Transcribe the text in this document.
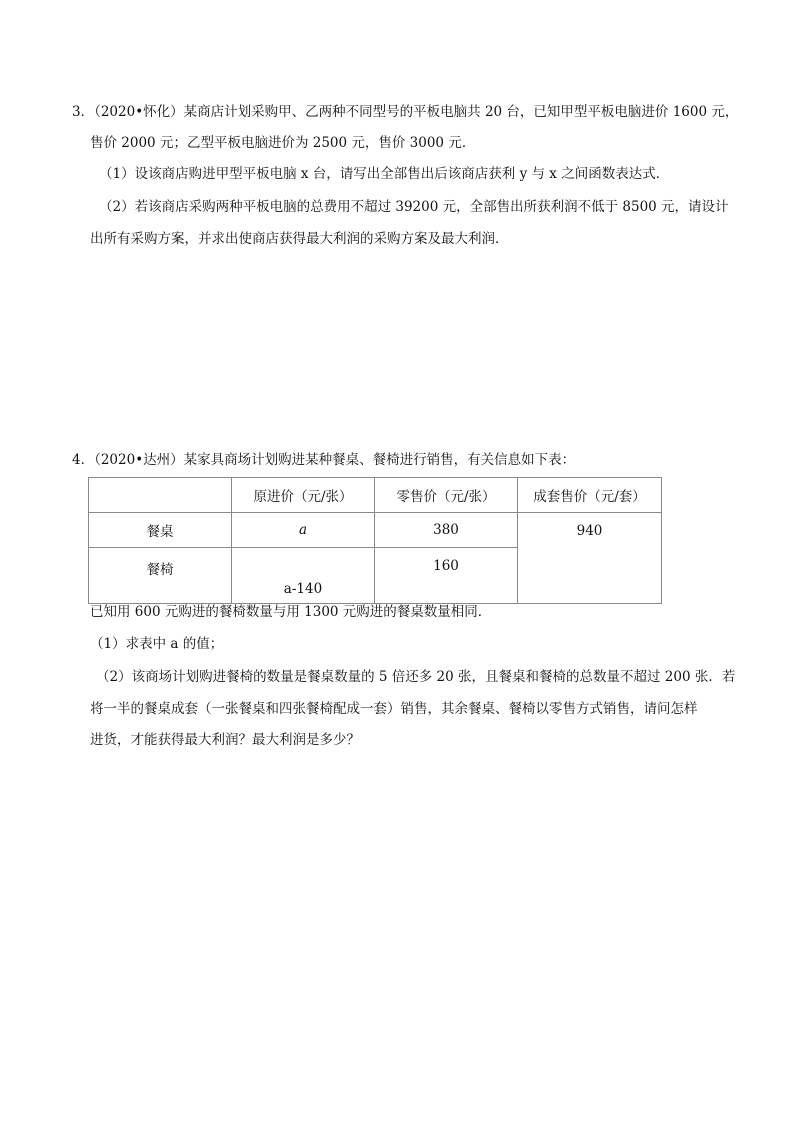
3．（2020•怀化）某商店计划采购甲、乙两种不同型号的平板电脑共 20 台，已知甲型平板电脑进价 1600 元，
售价 2000 元；乙型平板电脑进价为 2500 元，售价 3000 元．
（1）设该商店购进甲型平板电脑 x 台，请写出全部售出后该商店获利 y 与 x 之间函数表达式．
（2）若该商店采购两种平板电脑的总费用不超过 39200 元，全部售出所获利润不低于 8500 元，请设计
出所有采购方案，并求出使商店获得最大利润的采购方案及最大利润．
4．（2020•达州）某家具商场计划购进某种餐桌、餐椅进行销售，有关信息如下表：
	原进价（元/张）	零售价（元/张）	成套售价（元/套）
餐桌	a	380	940
餐椅	a-140	160	
已知用 600 元购进的餐椅数量与用 1300 元购进的餐桌数量相同．
（1）求表中 a 的值；
（2）该商场计划购进餐椅的数量是餐桌数量的 5 倍还多 20 张，且餐桌和餐椅的总数量不超过 200 张．若
将一半的餐桌成套（一张餐桌和四张餐椅配成一套）销售，其余餐桌、餐椅以零售方式销售，请问怎样
进货，才能获得最大利润？最大利润是多少？
